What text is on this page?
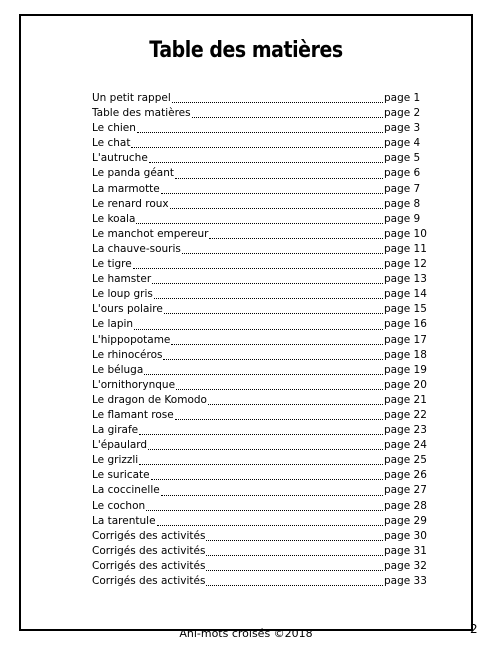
Table des matières
Un petit rappel	page 1
Table des matières	page 2
Le chien	page 3
Le chat	page 4
L'autruche	page 5
Le panda géant	page 6
La marmotte	page 7
Le renard roux	page 8
Le koala	page 9
Le manchot empereur	page 10
La chauve-souris	page 11
Le tigre	page 12
Le hamster	page 13
Le loup gris	page 14
L'ours polaire	page 15
Le lapin	page 16
L'hippopotame	page 17
Le rhinocéros	page 18
Le béluga	page 19
L'ornithorynque	page 20
Le dragon de Komodo	page 21
Le flamant rose	page 22
La girafe	page 23
L'épaulard	page 24
Le grizzli	page 25
Le suricate	page 26
La coccinelle	page 27
Le cochon	page 28
La tarentule	page 29
Corrigés des activités	page 30
Corrigés des activités	page 31
Corrigés des activités	page 32
Corrigés des activités	page 33
Ani-mots croisés ©2018	2
